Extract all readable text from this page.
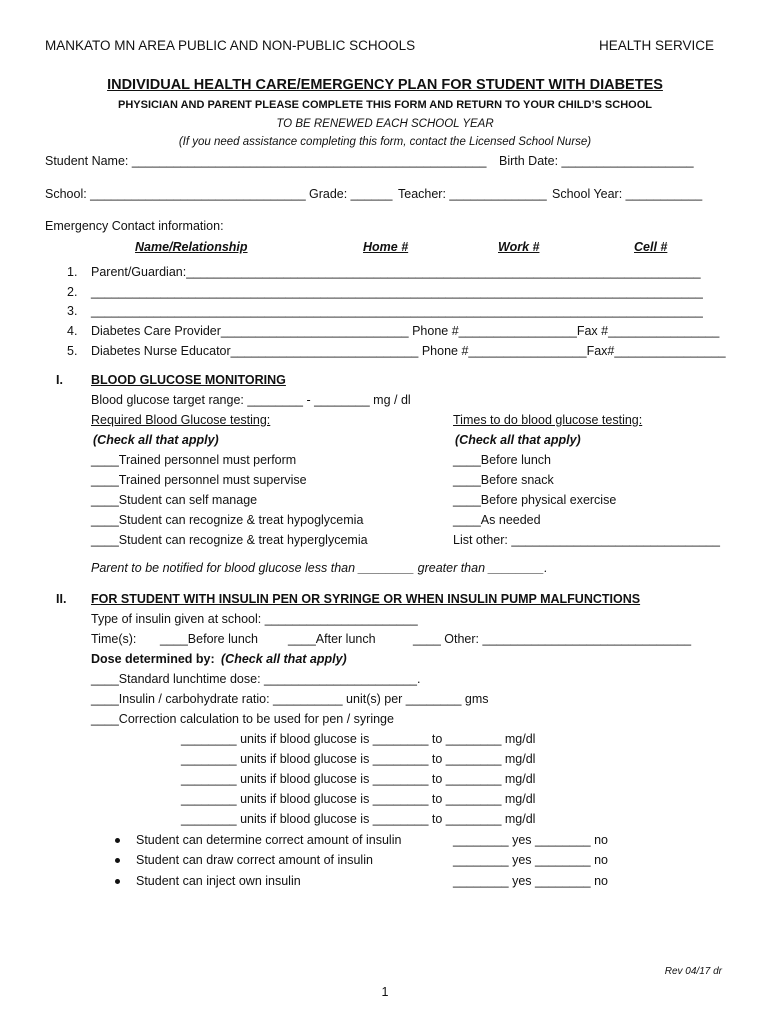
MANKATO MN AREA PUBLIC AND NON-PUBLIC SCHOOLS	HEALTH SERVICE
INDIVIDUAL HEALTH CARE/EMERGENCY PLAN FOR STUDENT WITH DIABETES
PHYSICIAN AND PARENT PLEASE COMPLETE THIS FORM AND RETURN TO YOUR CHILD’S SCHOOL
TO BE RENEWED EACH SCHOOL YEAR
(If you need assistance completing this form, contact the Licensed School Nurse)
Student Name: ___________________________________________________ Birth Date: ___________________
School: _______________________________ Grade: ______ Teacher: ______________ School Year: ___________
Emergency Contact information:
Name/Relationship	Home #	Work #	Cell #
1. Parent/Guardian:__________________________________________________________________________
2. ________________________________________________________________________________________
3. ________________________________________________________________________________________
4. Diabetes Care Provider___________________________ Phone #_________________Fax #________________
5. Diabetes Nurse Educator___________________________ Phone #_________________Fax#________________
I. BLOOD GLUCOSE MONITORING
Blood glucose target range: ________ - ________ mg / dl
Required Blood Glucose testing:
(Check all that apply)
____Trained personnel must perform
____Trained personnel must supervise
____Student can self manage
____Student can recognize & treat hypoglycemia
____Student can recognize & treat hyperglycemia
Times to do blood glucose testing:
(Check all that apply)
____Before lunch
____Before snack
____Before physical exercise
____As needed
List other: ______________________________
Parent to be notified for blood glucose less than ________ greater than ________.
II. FOR STUDENT WITH INSULIN PEN OR SYRINGE OR WHEN INSULIN PUMP MALFUNCTIONS
Type of insulin given at school: ______________________
Time(s): ____Before lunch ____After lunch	____ Other: ______________________________
Dose determined by: (Check all that apply)
____Standard lunchtime dose: ______________________.
____Insulin / carbohydrate ratio: __________ unit(s) per ________ gms
____Correction calculation to be used for pen / syringe
________ units if blood glucose is ________ to ________ mg/dl
________ units if blood glucose is ________ to ________ mg/dl
________ units if blood glucose is ________ to ________ mg/dl
________ units if blood glucose is ________ to ________ mg/dl
________ units if blood glucose is ________ to ________ mg/dl
Student can determine correct amount of insulin	________ yes ________ no
Student can draw correct amount of insulin	________ yes ________ no
Student can inject own insulin	________ yes ________ no
Rev 04/17 dr
1
